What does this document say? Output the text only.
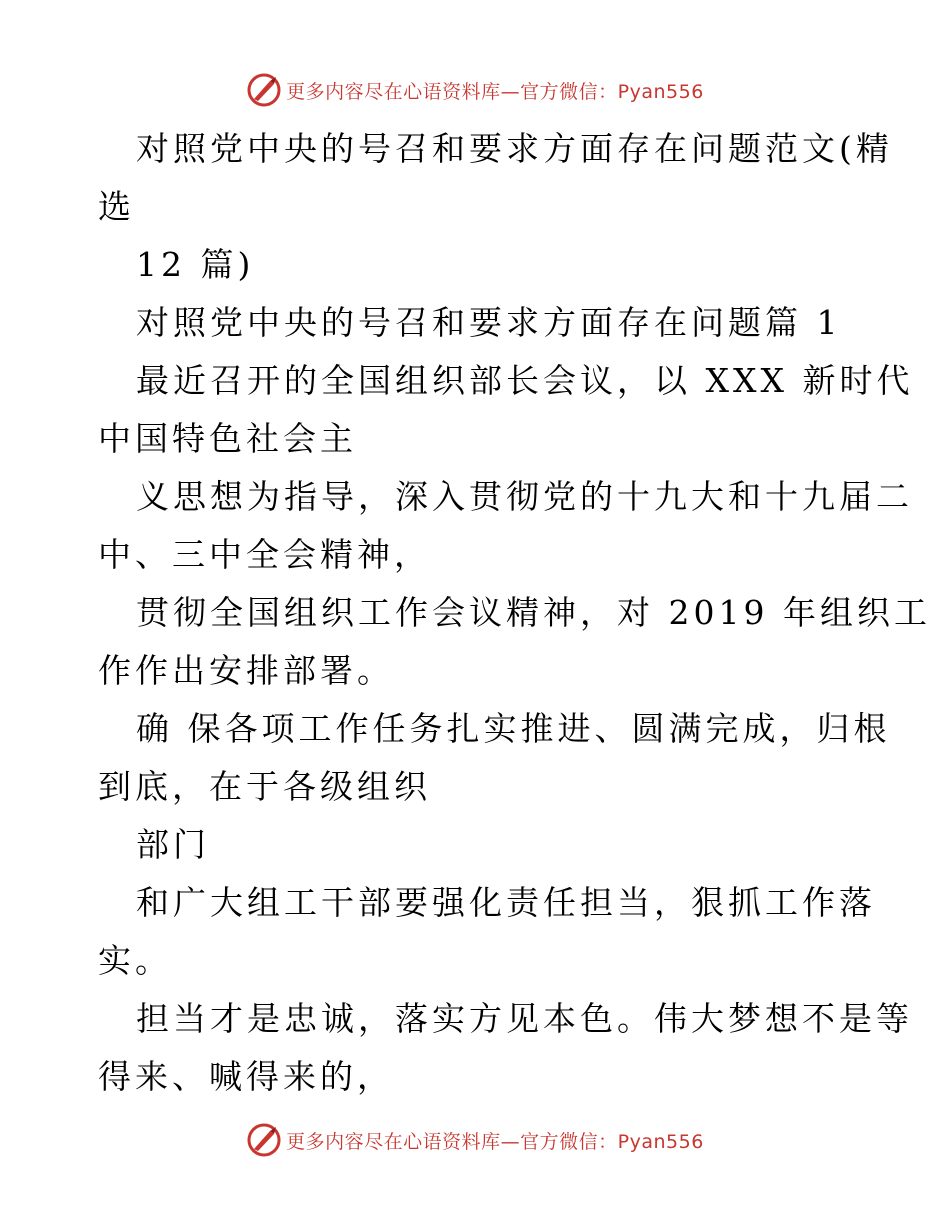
更多内容尽在心语资料库—官方微信：Pyan556
对照党中央的号召和要求方面存在问题范文(精
选
12 篇)
对照党中央的号召和要求方面存在问题篇 1
最近召开的全国组织部长会议，以 XXX 新时代
中国特色社会主
义思想为指导，深入贯彻党的十九大和十九届二
中、三中全会精神，
贯彻全国组织工作会议精神，对 2019 年组织工
作作出安排部署。
确 保各项工作任务扎实推进、圆满完成，归根
到底，在于各级组织
部门
和广大组工干部要强化责任担当，狠抓工作落
实。
担当才是忠诚，落实方见本色。伟大梦想不是等
得来、喊得来的，
更多内容尽在心语资料库—官方微信：Pyan556
